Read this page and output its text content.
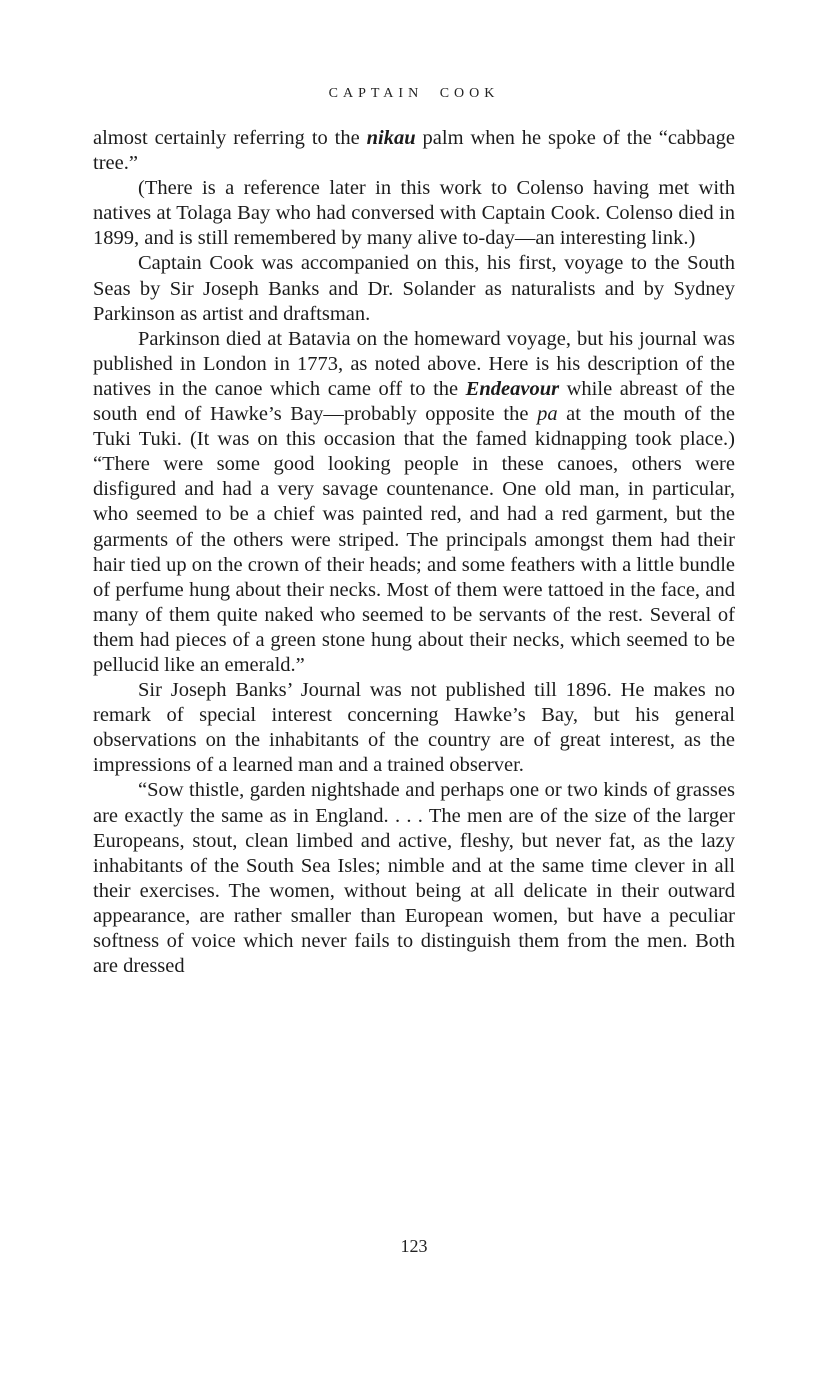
CAPTAIN COOK

almost certainly referring to the nikau palm when he spoke of the “cabbage tree.”

(There is a reference later in this work to Colenso having met with natives at Tolaga Bay who had conversed with Captain Cook. Colenso died in 1899, and is still remembered by many alive to-day—an interesting link.)

Captain Cook was accompanied on this, his first, voyage to the South Seas by Sir Joseph Banks and Dr. Solander as naturalists and by Sydney Parkinson as artist and draftsman.

Parkinson died at Batavia on the homeward voyage, but his journal was published in London in 1773, as noted above. Here is his description of the natives in the canoe which came off to the Endeavour while abreast of the south end of Hawke’s Bay—probably opposite the pa at the mouth of the Tuki Tuki. (It was on this occasion that the famed kidnapping took place.) “There were some good looking people in these canoes, others were disfigured and had a very savage countenance. One old man, in particular, who seemed to be a chief was painted red, and had a red garment, but the garments of the others were striped. The principals amongst them had their hair tied up on the crown of their heads; and some feathers with a little bundle of perfume hung about their necks. Most of them were tattoed in the face, and many of them quite naked who seemed to be servants of the rest. Several of them had pieces of a green stone hung about their necks, which seemed to be pellucid like an emerald.”

Sir Joseph Banks’ Journal was not published till 1896. He makes no remark of special interest concerning Hawke’s Bay, but his general observations on the inhabitants of the country are of great interest, as the impressions of a learned man and a trained observer.

“Sow thistle, garden nightshade and perhaps one or two kinds of grasses are exactly the same as in England. . . . The men are of the size of the larger Europeans, stout, clean limbed and active, fleshy, but never fat, as the lazy inhabitants of the South Sea Isles; nimble and at the same time clever in all their exercises. The women, without being at all delicate in their outward appearance, are rather smaller than European women, but have a peculiar softness of voice which never fails to distinguish them from the men. Both are dressed

123
